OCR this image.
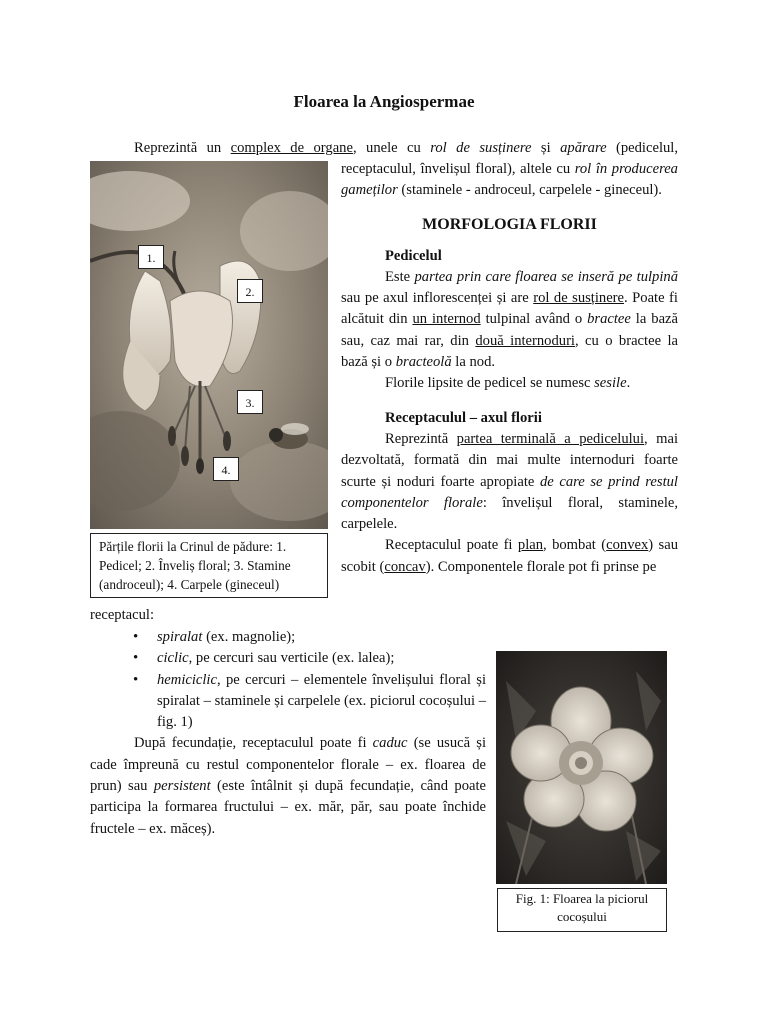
Floarea la Angiospermae
Reprezintă un complex de organe, unele cu rol de susținere și apărare (pedicelul,
1.
2.
3.
4.
Părțile florii la Crinul de pădure: 1. Pedicel; 2. Înveliș floral; 3. Stamine (androceul); 4. Carpele (gineceul)
receptaculul, învelișul floral), altele cu rol în producerea gameților (staminele - androceul, carpelele - gineceul).
MORFOLOGIA FLORII
Pedicelul
Este partea prin care floarea se inseră pe tulpină sau pe axul inflorescenței și are rol de susținere. Poate fi alcătuit din un internod tulpinal având o bractee la bază sau, caz mai rar, din două internoduri, cu o bractee la bază și o bracteolă la nod.
Florile lipsite de pedicel se numesc sesile.
Receptaculul – axul florii
Reprezintă partea terminală a pedicelului, mai dezvoltată, formată din mai multe internoduri foarte scurte și noduri foarte apropiate de care se prind restul componentelor florale: învelișul floral, staminele, carpelele.
Receptaculul poate fi plan, bombat (convex) sau scobit (concav). Componentele florale pot fi prinse pe
receptacul:
• spiralat (ex. magnolie);
• ciclic, pe cercuri sau verticile (ex. lalea);
• hemiciclic, pe cercuri – elementele învelișului floral și spiralat – staminele și carpelele (ex. piciorul cocoșului – fig. 1)
După fecundație, receptaculul poate fi caduc (se usucă și cade împreună cu restul componentelor florale – ex. floarea de prun) sau persistent (este întâlnit și după fecundație, când poate participa la formarea fructului – ex. măr, păr, sau poate închide fructele – ex. măceș).
Fig. 1: Floarea la piciorul cocoșului
